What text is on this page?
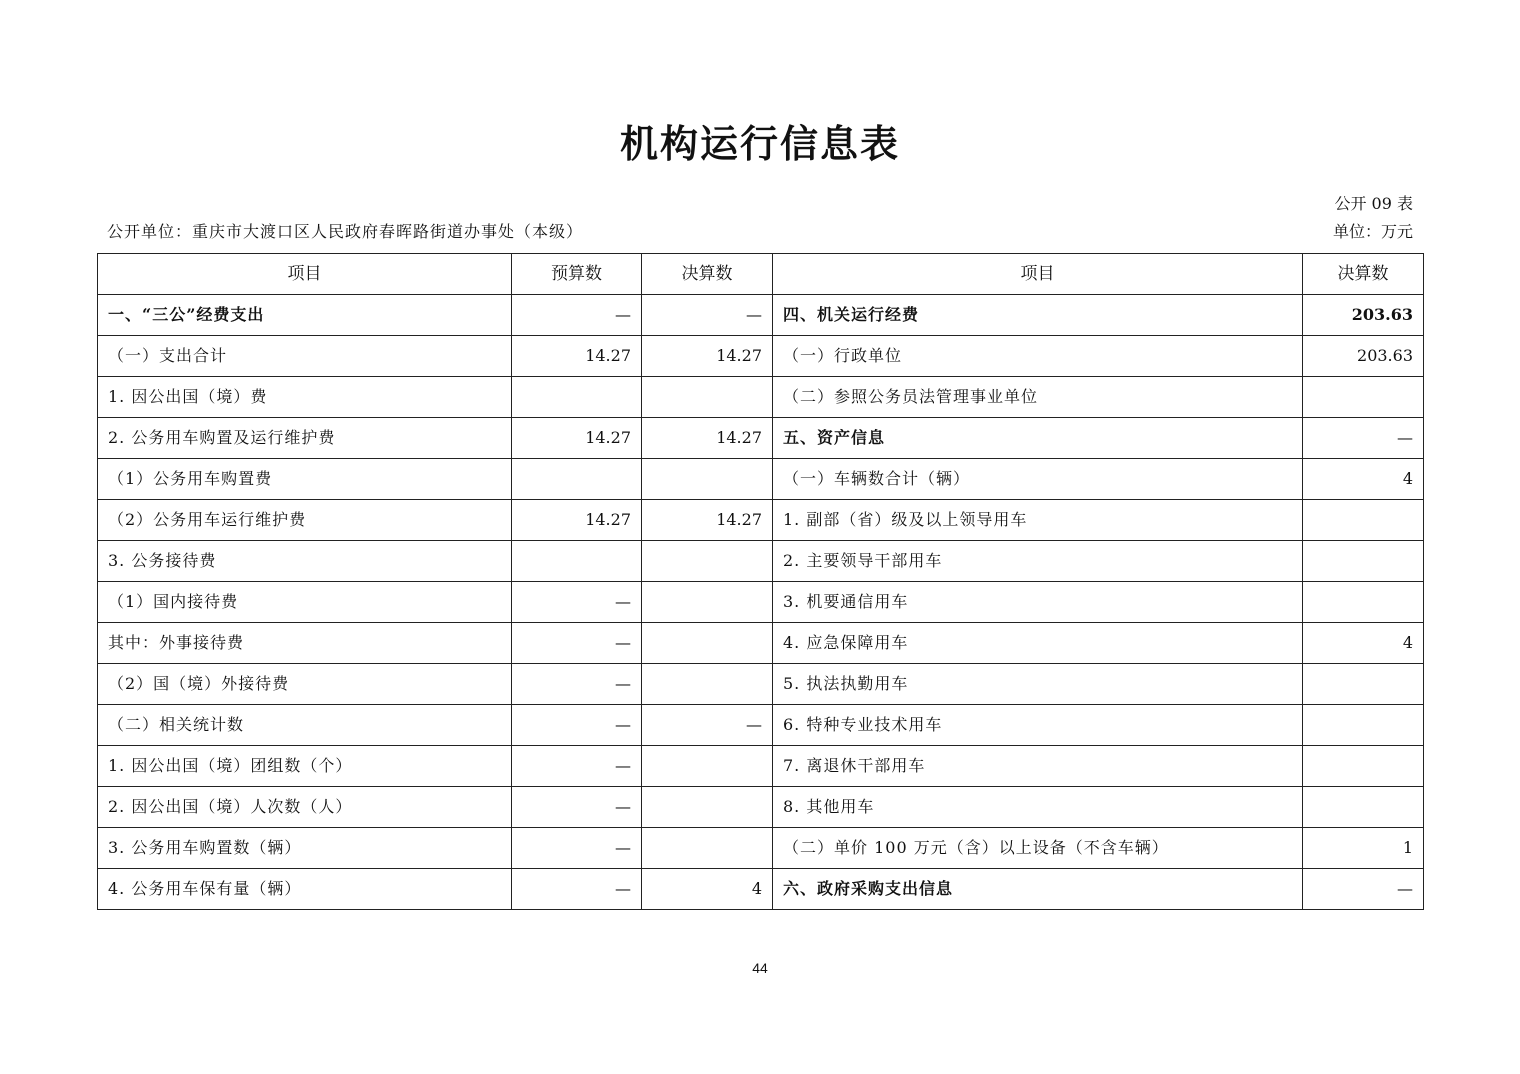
机构运行信息表
公开 09 表
公开单位：重庆市大渡口区人民政府春晖路街道办事处（本级）	单位：万元
项目	预算数	决算数	项目	决算数
一、“三公”经费支出	—	—	四、机关运行经费	203.63
（一）支出合计	14.27	14.27	（一）行政单位	203.63
1. 因公出国（境）费			（二）参照公务员法管理事业单位	
2. 公务用车购置及运行维护费	14.27	14.27	五、资产信息	—
（1）公务用车购置费			（一）车辆数合计（辆）	4
（2）公务用车运行维护费	14.27	14.27	1. 副部（省）级及以上领导用车	
3. 公务接待费			2. 主要领导干部用车	
（1）国内接待费	—		3. 机要通信用车	
其中：外事接待费	—		4. 应急保障用车	4
（2）国（境）外接待费	—		5. 执法执勤用车	
（二）相关统计数	—	—	6. 特种专业技术用车	
1. 因公出国（境）团组数（个）	—		7. 离退休干部用车	
2. 因公出国（境）人次数（人）	—		8. 其他用车	
3. 公务用车购置数（辆）	—		（二）单价 100 万元（含）以上设备（不含车辆）	1
4. 公务用车保有量（辆）	—	4	六、政府采购支出信息	—
44
